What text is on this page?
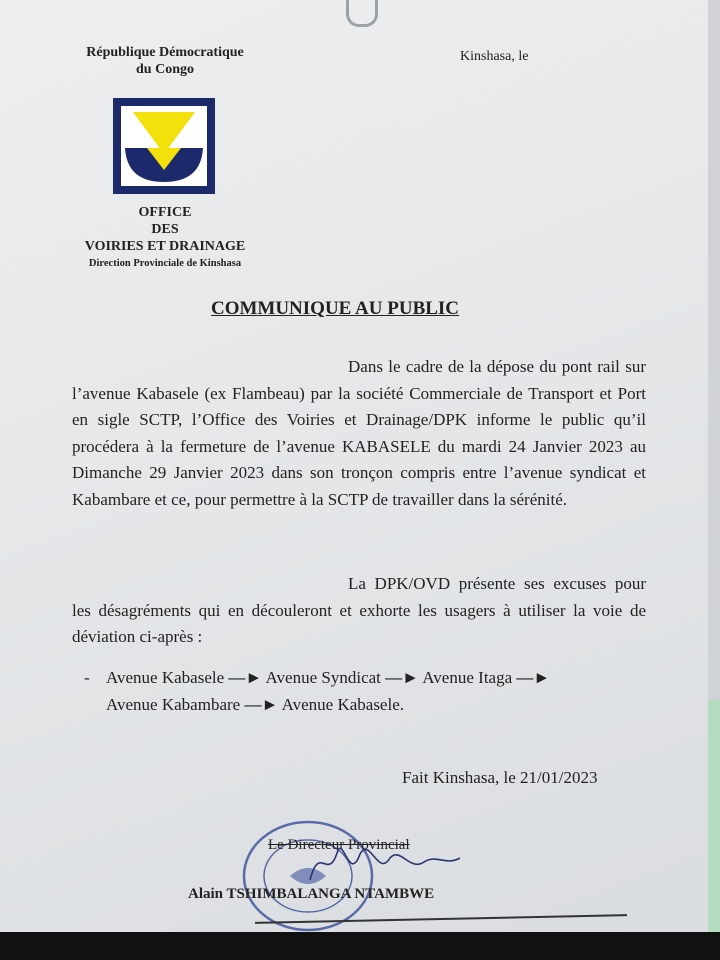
République Démocratique
du Congo
Kinshasa, le
OFFICE
DES
VOIRIES ET DRAINAGE
Direction Provinciale de Kinshasa
COMMUNIQUE AU PUBLIC
Dans le cadre de la dépose du pont rail sur l’avenue Kabasele (ex Flambeau) par la société Commerciale de Transport et Port en sigle SCTP, l’Office des Voiries et Drainage/DPK informe le public qu’il procédera à la fermeture de l’avenue KABASELE du mardi 24 Janvier 2023 au Dimanche 29 Janvier 2023 dans son tronçon compris entre l’avenue syndicat et Kabambare et ce, pour permettre à la SCTP de travailler dans la sérénité.
La DPK/OVD présente ses excuses pour les désagréments qui en découleront et exhorte les usagers à utiliser la voie de déviation ci-après :
- Avenue Kabasele —► Avenue Syndicat —► Avenue Itaga —►
Avenue Kabambare —► Avenue Kabasele.
Fait Kinshasa, le 21/01/2023
Le Directeur Provincial
Alain TSHIMBALANGA NTAMBWE
